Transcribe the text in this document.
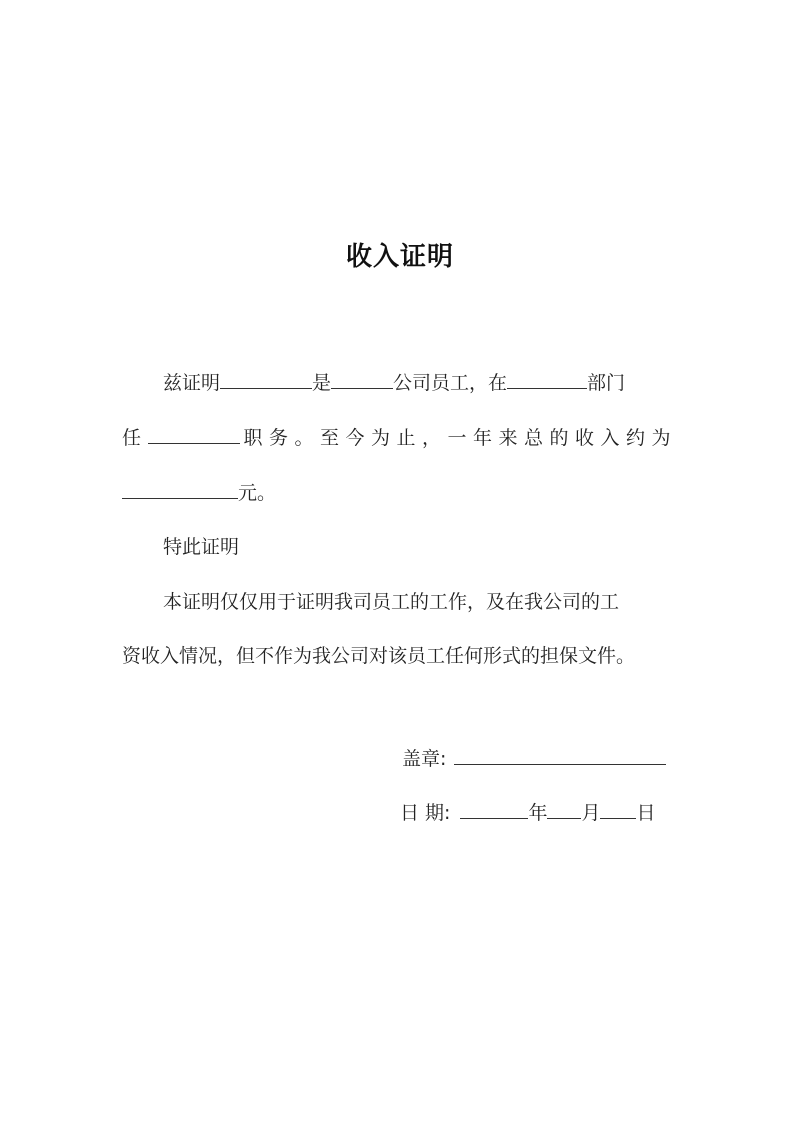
收入证明

兹证明	是	公司员工，在	部门

任	职务。至今为止，一年来总的收入约为

元。

特此证明

本证明仅仅用于证明我司员工的工作，及在我公司的工

资收入情况，但不作为我公司对该员工任何形式的担保文件。

盖章:

日 期:	年 月 日
